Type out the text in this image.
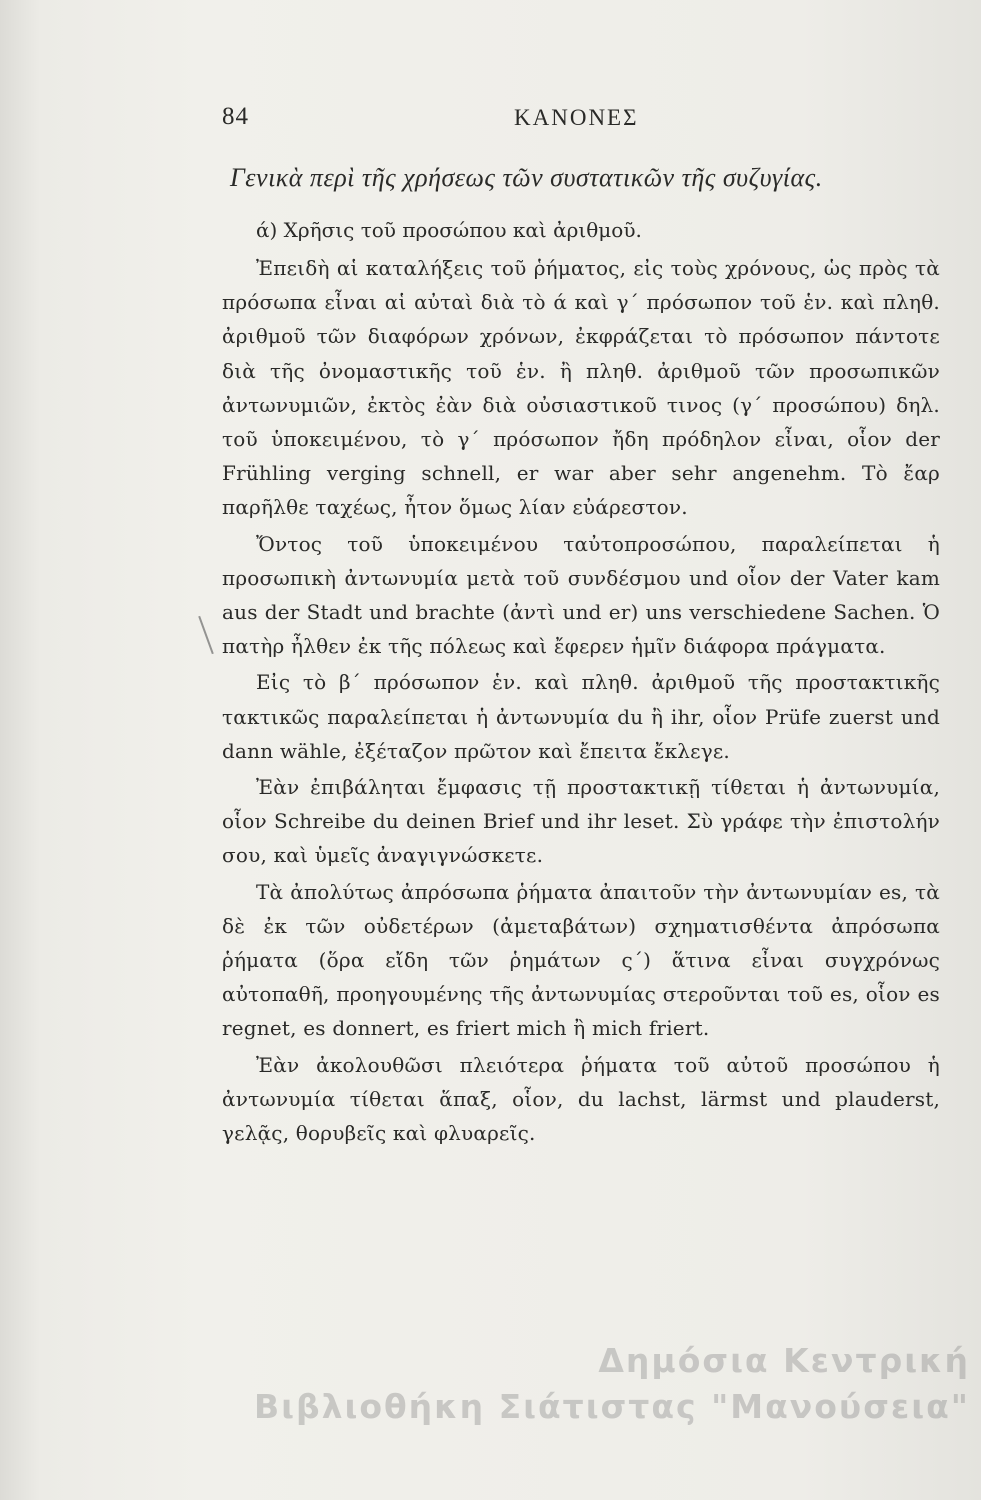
84	ΚΑΝΟΝΕΣ
Γενικὰ περὶ τῆς χρήσεως τῶν συστατικῶν τῆς συζυγίας.

ά) Χρῆσις τοῦ προσώπου καὶ ἀριθμοῦ.

Ἐπειδὴ αἱ καταλήξεις τοῦ ῥήματος, εἰς τοὺς χρόνους, ὡς πρὸς τὰ πρόσωπα εἶναι αἱ αὐταὶ διὰ τὸ ά καὶ γ΄ πρόσωπον τοῦ ἑν. καὶ πληθ. ἀριθμοῦ τῶν διαφόρων χρόνων, ἐκφράζεται τὸ πρόσωπον πάντοτε διὰ τῆς ὀνομαστικῆς τοῦ ἑν. ἢ πληθ. ἀριθμοῦ τῶν προσωπικῶν ἀντωνυμιῶν, ἐκτὸς ἐὰν διὰ οὐσιαστικοῦ τινος (γ΄ προσώπου) δηλ. τοῦ ὑποκειμένου, τὸ γ΄ πρόσωπον ἤδη πρόδηλον εἶναι, οἷον der Frühling verging schnell, er war aber sehr angenehm. Τὸ ἔαρ παρῆλθε ταχέως, ἦτον ὅμως λίαν εὐάρεστον.

Ὄντος τοῦ ὑποκειμένου ταὐτοπροσώπου, παραλείπεται ἡ προσωπικὴ ἀντωνυμία μετὰ τοῦ συνδέσμου und οἷον der Vater kam aus der Stadt und brachte (ἀντὶ und er) uns verschiedene Sachen. Ὁ πατὴρ ἦλθεν ἐκ τῆς πόλεως καὶ ἔφερεν ἡμῖν διάφορα πράγματα.

Εἰς τὸ β΄ πρόσωπον ἑν. καὶ πληθ. ἀριθμοῦ τῆς προστακτικῆς τακτικῶς παραλείπεται ἡ ἀντωνυμία du ἢ ihr, οἷον Prüfe zuerst und dann wähle, ἐξέταζον πρῶτον καὶ ἔπειτα ἔκλεγε.

Ἐὰν ἐπιβάληται ἔμφασις τῇ προστακτικῇ τίθεται ἡ ἀντωνυμία, οἷον Schreibe du deinen Brief und ihr leset. Σὺ γράφε τὴν ἐπιστολήν σου, καὶ ὑμεῖς ἀναγιγνώσκετε.

Τὰ ἀπολύτως ἀπρόσωπα ῥήματα ἀπαιτοῦν τὴν ἀντωνυμίαν es, τὰ δὲ ἐκ τῶν οὐδετέρων (ἀμεταβάτων) σχηματισθέντα ἀπρόσωπα ῥήματα (ὅρα εἴδη τῶν ῥημάτων ς΄) ἅτινα εἶναι συγχρόνως αὐτοπαθῆ, προηγουμένης τῆς ἀντωνυμίας στεροῦνται τοῦ es, οἷον es regnet, es donnert, es friert mich ἢ mich friert.

Ἐὰν ἀκολουθῶσι πλειότερα ῥήματα τοῦ αὐτοῦ προσώπου ἡ ἀντωνυμία τίθεται ἅπαξ, οἷον, du lachst, lärmst und plauderst, γελᾷς, θορυβεῖς καὶ φλυαρεῖς.

Δημόσια Κεντρική
Βιβλιοθήκη Σιάτιστας "Μανούσεια"
